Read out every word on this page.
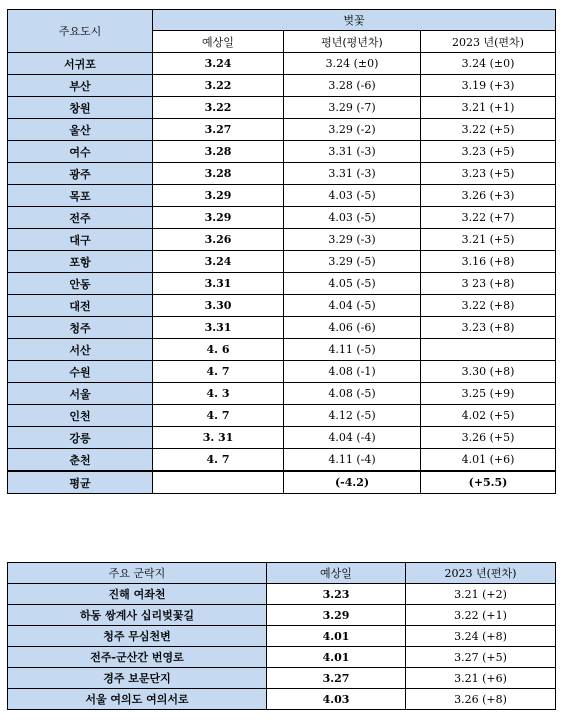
주요도시	벚꽃		
	예상일	평년(평년차)	2023 년(편차)
서귀포	3.24	3.24 (±0)	3.24 (±0)
부산	3.22	3.28 (-6)	3.19 (+3)
창원	3.22	3.29 (-7)	3.21 (+1)
울산	3.27	3.29 (-2)	3.22 (+5)
여수	3.28	3.31 (-3)	3.23 (+5)
광주	3.28	3.31 (-3)	3.23 (+5)
목포	3.29	4.03 (-5)	3.26 (+3)
전주	3.29	4.03 (-5)	3.22 (+7)
대구	3.26	3.29 (-3)	3.21 (+5)
포항	3.24	3.29 (-5)	3.16 (+8)
안동	3.31	4.05 (-5)	3 23 (+8)
대전	3.30	4.04 (-5)	3.22 (+8)
청주	3.31	4.06 (-6)	3.23 (+8)
서산	4. 6	4.11 (-5)	
수원	4. 7	4.08 (-1)	3.30 (+8)
서울	4. 3	4.08 (-5)	3.25 (+9)
인천	4. 7	4.12 (-5)	4.02 (+5)
강릉	3. 31	4.04 (-4)	3.26 (+5)
춘천	4. 7	4.11 (-4)	4.01 (+6)
평균		(-4.2)	(+5.5)
주요 군락지	예상일	2023 년(편차)
진해 여좌천	3.23	3.21 (+2)
하동 쌍계사 십리벚꽃길	3.29	3.22 (+1)
청주 무심천변	4.01	3.24 (+8)
전주-군산간 번영로	4.01	3.27 (+5)
경주 보문단지	3.27	3.21 (+6)
서울 여의도 여의서로	4.03	3.26 (+8)
